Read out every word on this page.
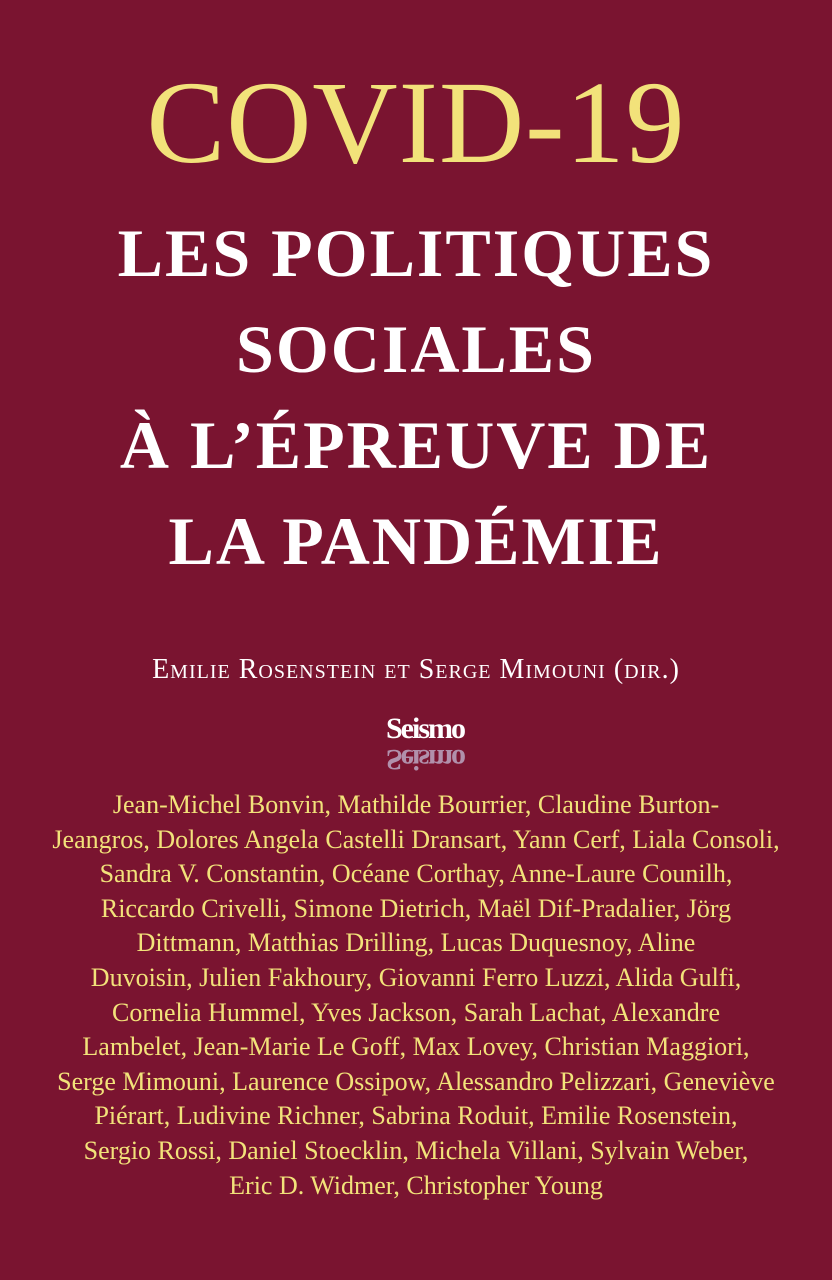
COVID-19
LES POLITIQUES
SOCIALES
À L’ÉPREUVE DE
LA PANDÉMIE
Emilie Rosenstein et Serge Mimouni (dir.)
Seismo
Seismo
Jean-Michel Bonvin, Mathilde Bourrier, Claudine Burton-
Jeangros, Dolores Angela Castelli Dransart, Yann Cerf, Liala Consoli,
Sandra V. Constantin, Océane Corthay, Anne-Laure Counilh,
Riccardo Crivelli, Simone Dietrich, Maël Dif-Pradalier, Jörg
Dittmann, Matthias Drilling, Lucas Duquesnoy, Aline
Duvoisin, Julien Fakhoury, Giovanni Ferro Luzzi, Alida Gulfi,
Cornelia Hummel, Yves Jackson, Sarah Lachat, Alexandre
Lambelet, Jean-Marie Le Goff, Max Lovey, Christian Maggiori,
Serge Mimouni, Laurence Ossipow, Alessandro Pelizzari, Geneviève
Piérart, Ludivine Richner, Sabrina Roduit, Emilie Rosenstein,
Sergio Rossi, Daniel Stoecklin, Michela Villani, Sylvain Weber,
Eric D. Widmer, Christopher Young
